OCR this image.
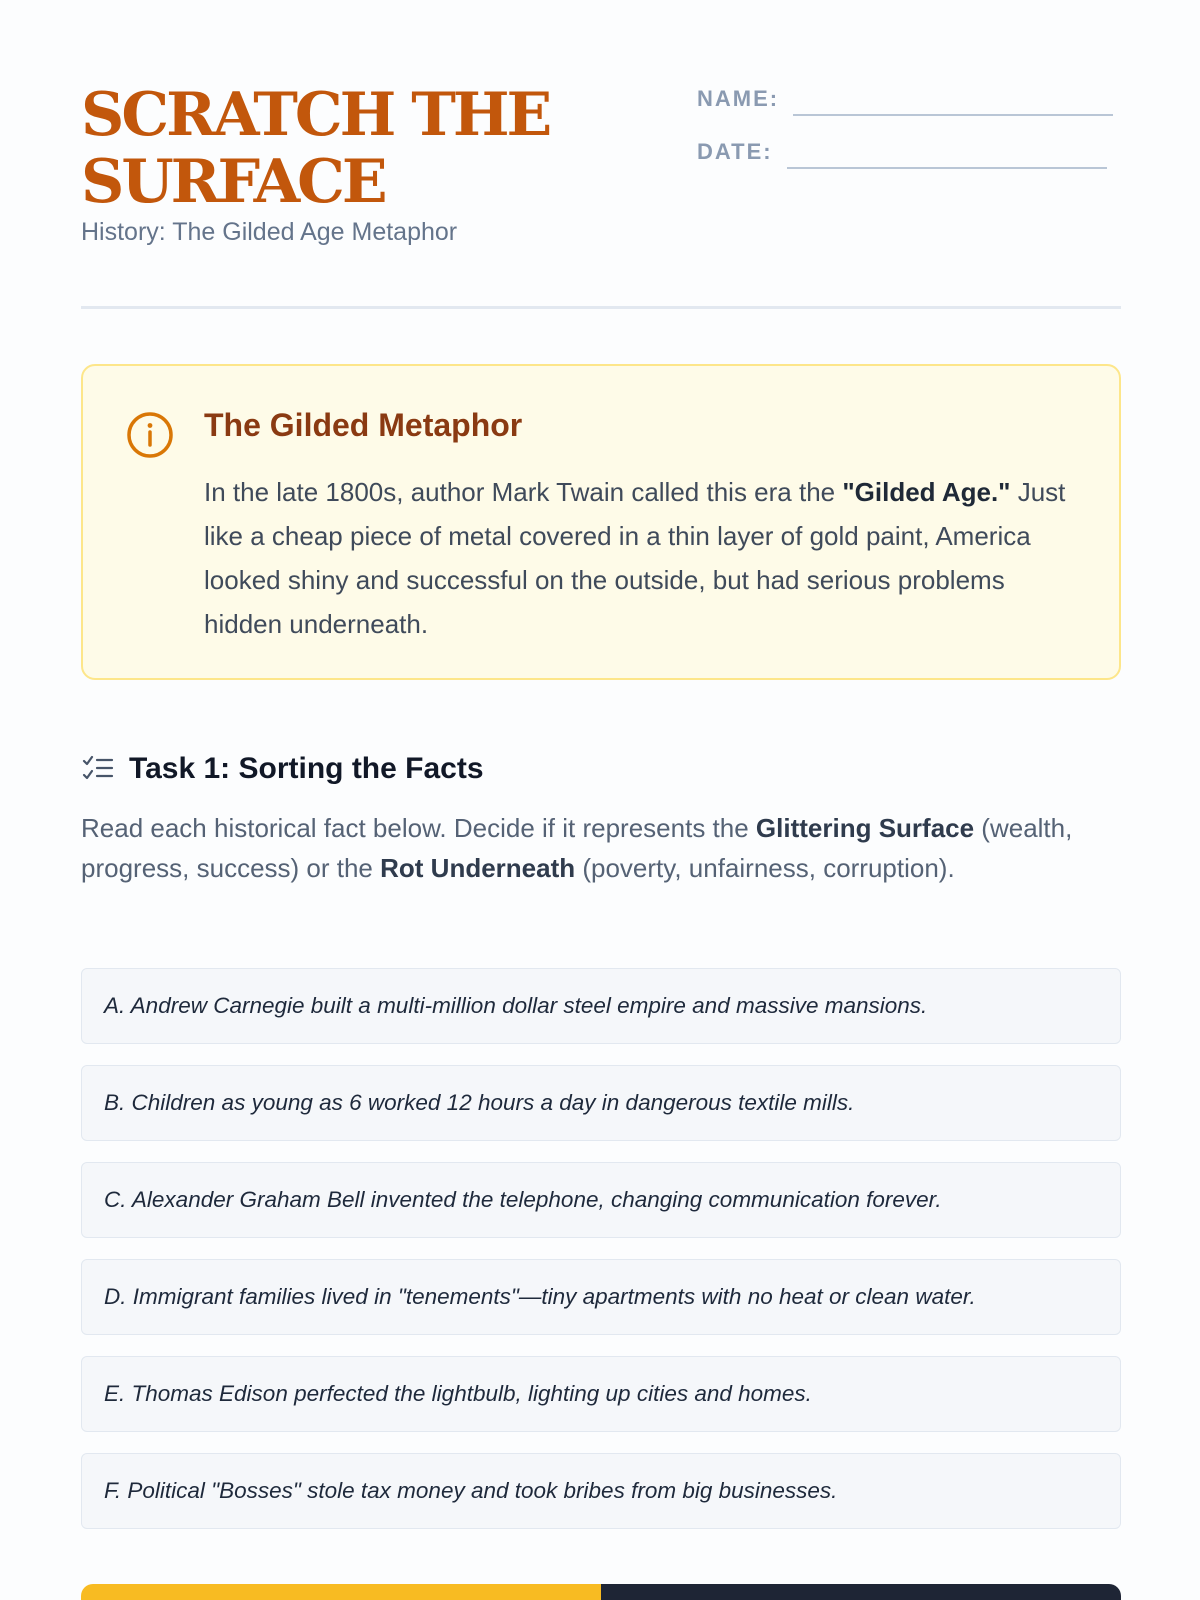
SCRATCH THE SURFACE
History: The Gilded Age Metaphor
NAME:
DATE:
The Gilded Metaphor

In the late 1800s, author Mark Twain called this era the "Gilded Age." Just like a cheap piece of metal covered in a thin layer of gold paint, America looked shiny and successful on the outside, but had serious problems hidden underneath.

Task 1: Sorting the Facts

Read each historical fact below. Decide if it represents the Glittering Surface (wealth, progress, success) or the Rot Underneath (poverty, unfairness, corruption).

A. Andrew Carnegie built a multi-million dollar steel empire and massive mansions.
B. Children as young as 6 worked 12 hours a day in dangerous textile mills.
C. Alexander Graham Bell invented the telephone, changing communication forever.
D. Immigrant families lived in "tenements"—tiny apartments with no heat or clean water.
E. Thomas Edison perfected the lightbulb, lighting up cities and homes.
F. Political "Bosses" stole tax money and took bribes from big businesses.
